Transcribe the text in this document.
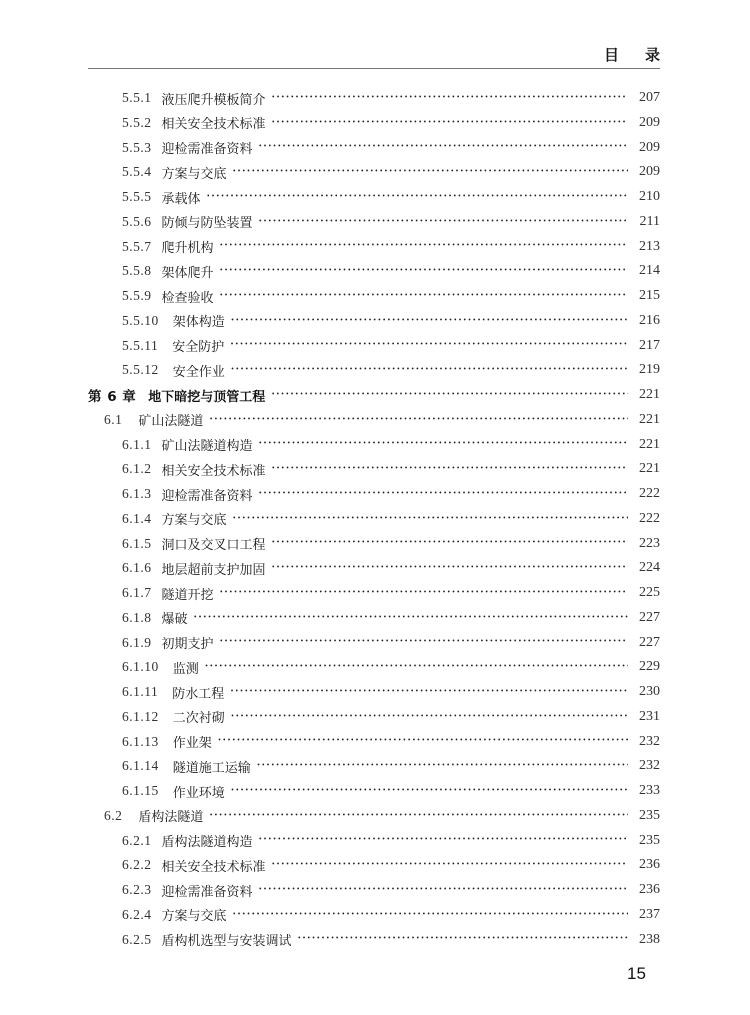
目 录
5.5.1 液压爬升模板简介 •••••	207
5.5.2 相关安全技术标准 •••••	209
5.5.3 迎检需准备资料 •••••	209
5.5.4 方案与交底 •••••	209
5.5.5 承载体 •••••	210
5.5.6 防倾与防坠装置 •••••	211
5.5.7 爬升机构 •••••	213
5.5.8 架体爬升 •••••	214
5.5.9 检查验收 •••••	215
5.5.10 架体构造 •••••	216
5.5.11 安全防护 •••••	217
5.5.12 安全作业 •••••	219
第 6 章 地下暗挖与顶管工程 •••••	221
6.1 矿山法隧道 •••••	221
6.1.1 矿山法隧道构造 •••••	221
6.1.2 相关安全技术标准 •••••	221
6.1.3 迎检需准备资料 •••••	222
6.1.4 方案与交底 •••••	222
6.1.5 洞口及交叉口工程 •••••	223
6.1.6 地层超前支护加固 •••••	224
6.1.7 隧道开挖 •••••	225
6.1.8 爆破 •••••	227
6.1.9 初期支护 •••••	227
6.1.10 监测 •••••	229
6.1.11 防水工程 •••••	230
6.1.12 二次衬砌 •••••	231
6.1.13 作业架 •••••	232
6.1.14 隧道施工运输 •••••	232
6.1.15 作业环境 •••••	233
6.2 盾构法隧道 •••••	235
6.2.1 盾构法隧道构造 •••••	235
6.2.2 相关安全技术标准 •••••	236
6.2.3 迎检需准备资料 •••••	236
6.2.4 方案与交底 •••••	237
6.2.5 盾构机选型与安装调试 •••••	238
15
